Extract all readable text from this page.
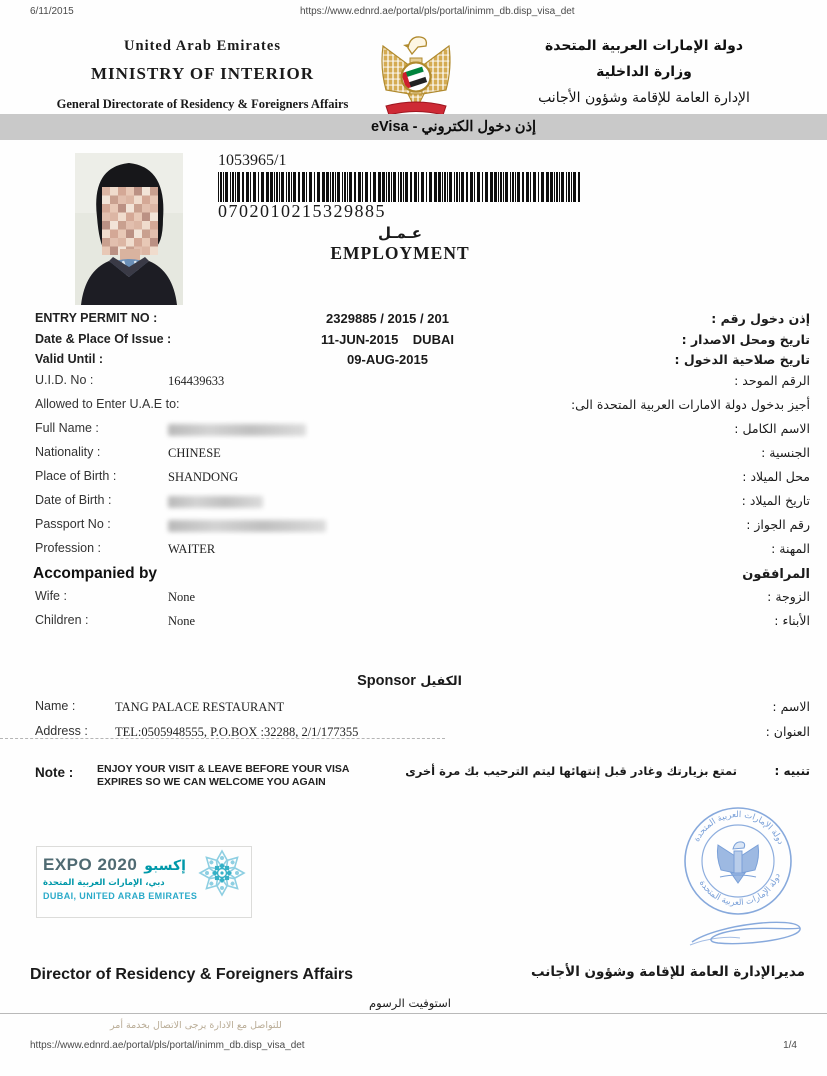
6/11/2015	https://www.ednrd.ae/portal/pls/portal/inimm_db.disp_visa_det
United Arab Emirates
MINISTRY OF INTERIOR
General Directorate of Residency & Foreigners Affairs
دولة الإمارات العربية المتحدة
وزارة الداخلية
الإدارة العامة للإقامة وشؤون الأجانب
eVisa - إذن دخول الكتروني
1053965/1
0702010215329885
عـمـل
EMPLOYMENT
ENTRY PERMIT NO :	2329885 / 2015 / 201	إذن دخول رقم :
Date & Place Of Issue :	11-JUN-2015    DUBAI	تاريخ ومحل الاصدار :
Valid Until :	09-AUG-2015	تاريخ صلاحية الدخول :
U.I.D. No :	164439633	الرقم الموحد :
Allowed to Enter U.A.E to:	أجيز بدخول دولة الامارات العربية المتحدة الى:
Full Name :	الاسم الكامل :
Nationality :	CHINESE	الجنسية :
Place of Birth :	SHANDONG	محل الميلاد :
Date of Birth :	تاريخ الميلاد :
Passport No :	رقم الجواز :
Profession :	WAITER	المهنة :
Accompanied by	المرافقون
Wife :	None	الزوجة :
Children :	None	الأبناء :
Sponsor الكفيل
Name :	TANG PALACE RESTAURANT	الاسم :
Address : TEL:0505948555, P.O.BOX :32288, 2/1/177355	العنوان :
Note : ENJOY YOUR VISIT & LEAVE BEFORE YOUR VISA
EXPIRES SO WE CAN WELCOME YOU AGAIN
تمتع بزيارتك وغادر قبل إنتهائها ليتم الترحيب بك مرة أخرى	تنبيه :
EXPO 2020 إكسبو
دبي، الإمارات العربية المتحدة
DUBAI, UNITED ARAB EMIRATES
دولة الإمارات العربية المتحدة
دولة الإمارات العربية المتحدة
Director of Residency & Foreigners Affairs	مديرالإدارة العامة للإقامة وشؤون الأجانب
استوفيت الرسوم
للتواصل مع الادارة يرجى الاتصال بخدمة أمر
https://www.ednrd.ae/portal/pls/portal/inimm_db.disp_visa_det	1/4
